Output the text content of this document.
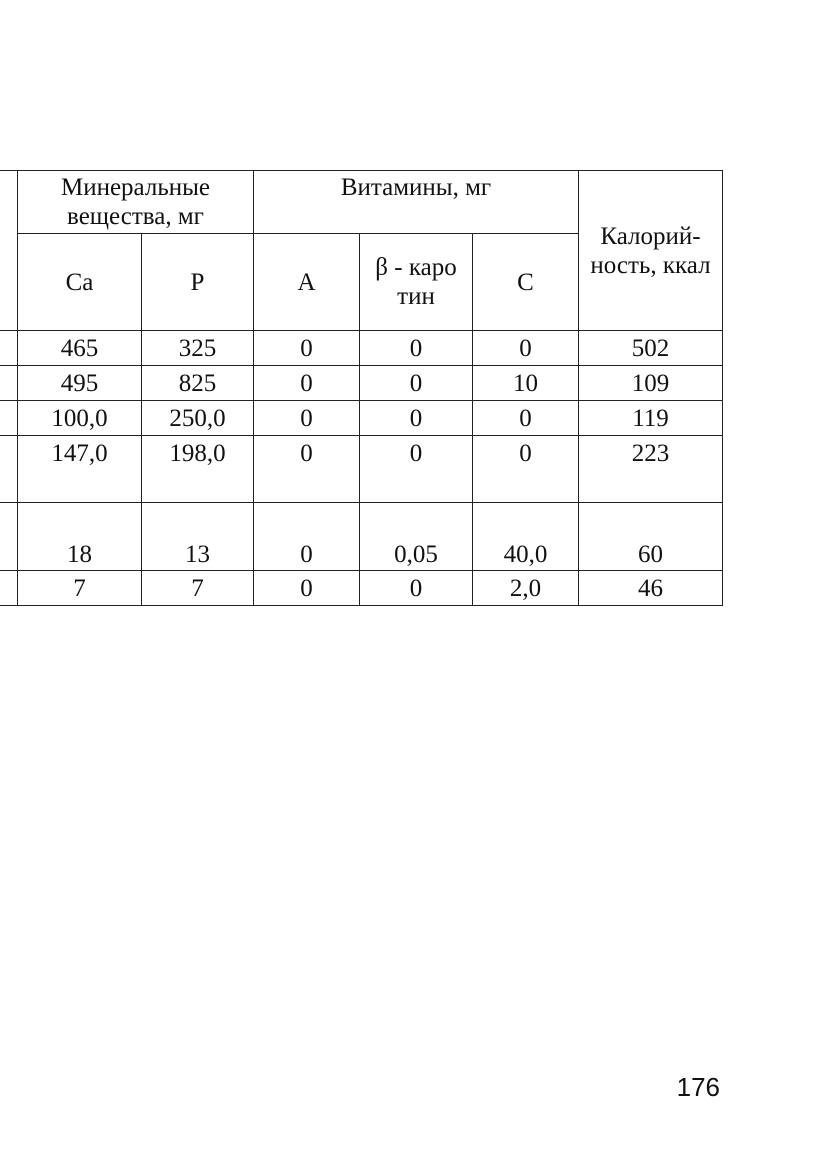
	Минеральные вещества, мг		Витамины, мг			Калорий-ность, ккал
	Ca	P	A	β - каротин	C	
	465	325	0	0	0	502
	495	825	0	0	10	109
	100,0	250,0	0	0	0	119
	147,0	198,0	0	0	0	223
	18	13	0	0,05	40,0	60
	7	7	0	0	2,0	46
176
